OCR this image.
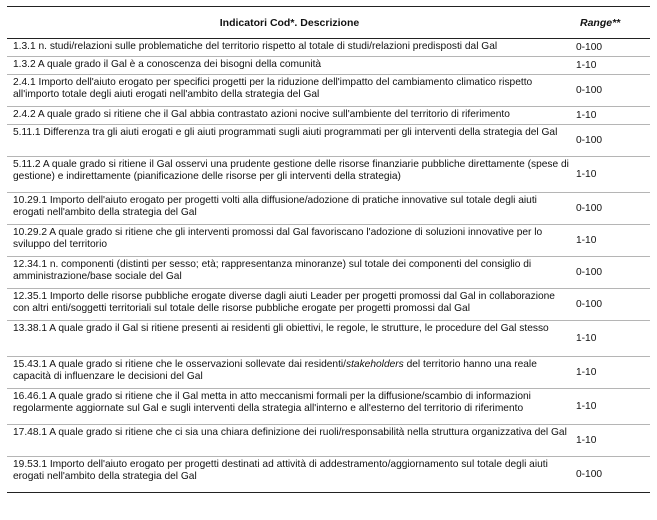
Indicatori Cod*. Descrizione	Range**
1.3.1 n. studi/relazioni sulle problematiche del territorio rispetto al totale di studi/relazioni predisposti dal Gal	0-100
1.3.2 A quale grado il Gal è a conoscenza dei bisogni della comunità	1-10
2.4.1 Importo dell'aiuto erogato per specifici progetti per la riduzione dell'impatto del cambiamento climatico rispetto all'importo totale degli aiuti erogati nell'ambito della strategia del Gal	0-100
2.4.2 A quale grado si ritiene che il Gal abbia contrastato azioni nocive sull'ambiente del territorio di riferimento	1-10
5.11.1 Differenza tra gli aiuti erogati e gli aiuti programmati sugli aiuti programmati per gli interventi della strategia del Gal	0-100
5.11.2 A quale grado si ritiene il Gal osservi una prudente gestione delle risorse finanziarie pubbliche direttamente (spese di gestione) e indirettamente (pianificazione delle risorse per gli interventi della strategia)	1-10
10.29.1 Importo dell'aiuto erogato per progetti volti alla diffusione/adozione di pratiche innovative sul totale degli aiuti erogati nell'ambito della strategia del Gal	0-100
10.29.2 A quale grado si ritiene che gli interventi promossi dal Gal favoriscano l'adozione di soluzioni innovative per lo sviluppo del territorio	1-10
12.34.1 n. componenti (distinti per sesso; età; rappresentanza minoranze) sul totale dei componenti del consiglio di amministrazione/base sociale del Gal	0-100
12.35.1 Importo delle risorse pubbliche erogate diverse dagli aiuti Leader per progetti promossi dal Gal in collaborazione con altri enti/soggetti territoriali sul totale delle risorse pubbliche erogate per progetti promossi dal Gal	0-100
13.38.1 A quale grado il Gal si ritiene presenti ai residenti gli obiettivi, le regole, le strutture, le procedure del Gal stesso	1-10
15.43.1 A quale grado si ritiene che le osservazioni sollevate dai residenti/stakeholders del territorio hanno una reale capacità di influenzare le decisioni del Gal	1-10
16.46.1 A quale grado si ritiene che il Gal metta in atto meccanismi formali per la diffusione/scambio di informazioni regolarmente aggiornate sul Gal e sugli interventi della strategia all'interno e all'esterno del territorio di riferimento	1-10
17.48.1 A quale grado si ritiene che ci sia una chiara definizione dei ruoli/responsabilità nella struttura organizzativa del Gal	1-10
19.53.1 Importo dell'aiuto erogato per progetti destinati ad attività di addestramento/aggiornamento sul totale degli aiuti erogati nell'ambito della strategia del Gal	0-100
